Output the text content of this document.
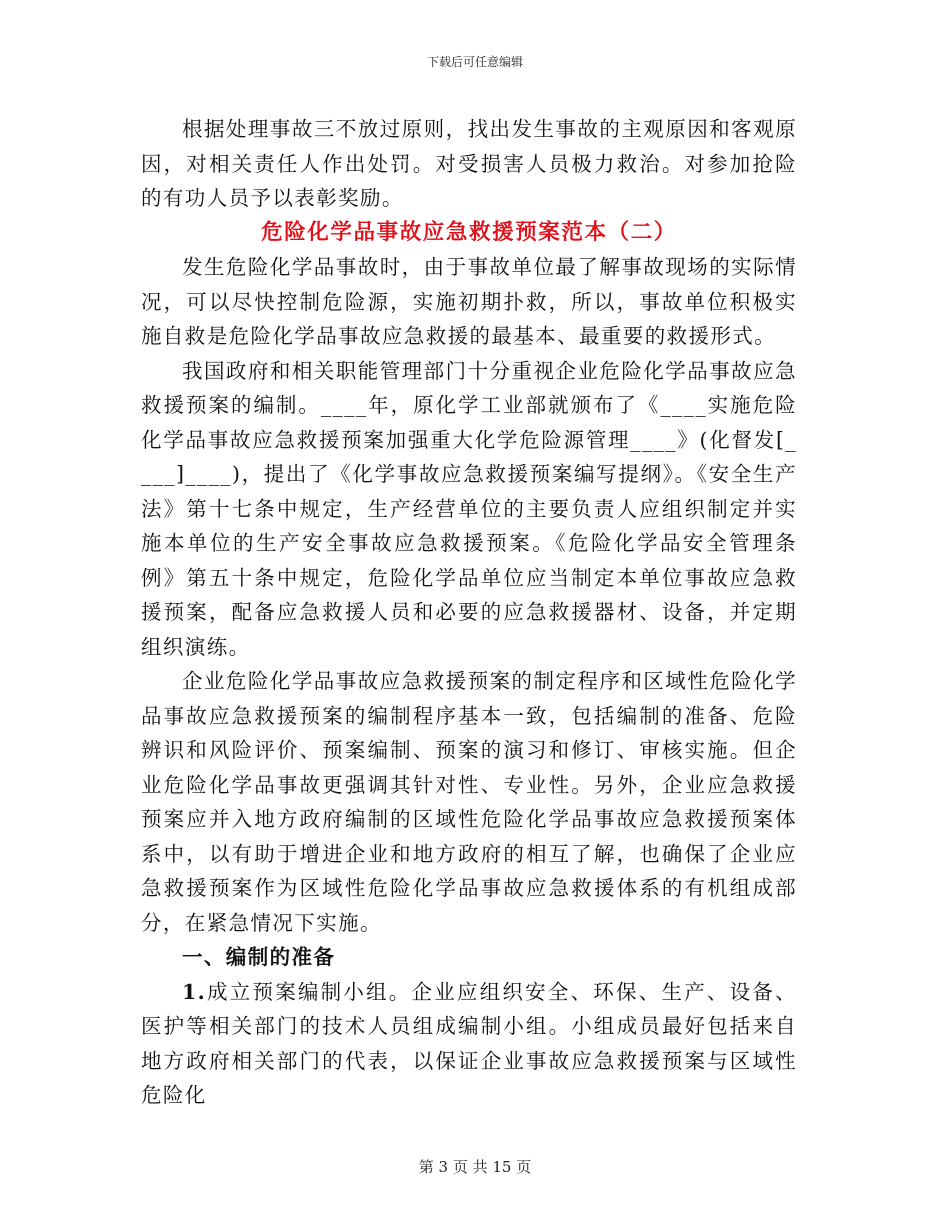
下载后可任意编辑

根据处理事故三不放过原则，找出发生事故的主观原因和客观原因，对相关责任人作出处罚。对受损害人员极力救治。对参加抢险的有功人员予以表彰奖励。

危险化学品事故应急救援预案范本（二）

发生危险化学品事故时，由于事故单位最了解事故现场的实际情况，可以尽快控制危险源，实施初期扑救，所以，事故单位积极实施自救是危险化学品事故应急救援的最基本、最重要的救援形式。

我国政府和相关职能管理部门十分重视企业危险化学品事故应急救援预案的编制。____年，原化学工业部就颁布了《____实施危险化学品事故应急救援预案加强重大化学危险源管理____》(化督发[____]____)，提出了《化学事故应急救援预案编写提纲》。《安全生产法》第十七条中规定，生产经营单位的主要负责人应组织制定并实施本单位的生产安全事故应急救援预案。《危险化学品安全管理条例》第五十条中规定，危险化学品单位应当制定本单位事故应急救援预案，配备应急救援人员和必要的应急救援器材、设备，并定期组织演练。

企业危险化学品事故应急救援预案的制定程序和区域性危险化学品事故应急救援预案的编制程序基本一致，包括编制的准备、危险辨识和风险评价、预案编制、预案的演习和修订、审核实施。但企业危险化学品事故更强调其针对性、专业性。另外，企业应急救援预案应并入地方政府编制的区域性危险化学品事故应急救援预案体系中，以有助于增进企业和地方政府的相互了解，也确保了企业应急救援预案作为区域性危险化学品事故应急救援体系的有机组成部分，在紧急情况下实施。

一、编制的准备

1.成立预案编制小组。企业应组织安全、环保、生产、设备、医护等相关部门的技术人员组成编制小组。小组成员最好包括来自地方政府相关部门的代表，以保证企业事故应急救援预案与区域性危险化

第 3 页 共 15 页
